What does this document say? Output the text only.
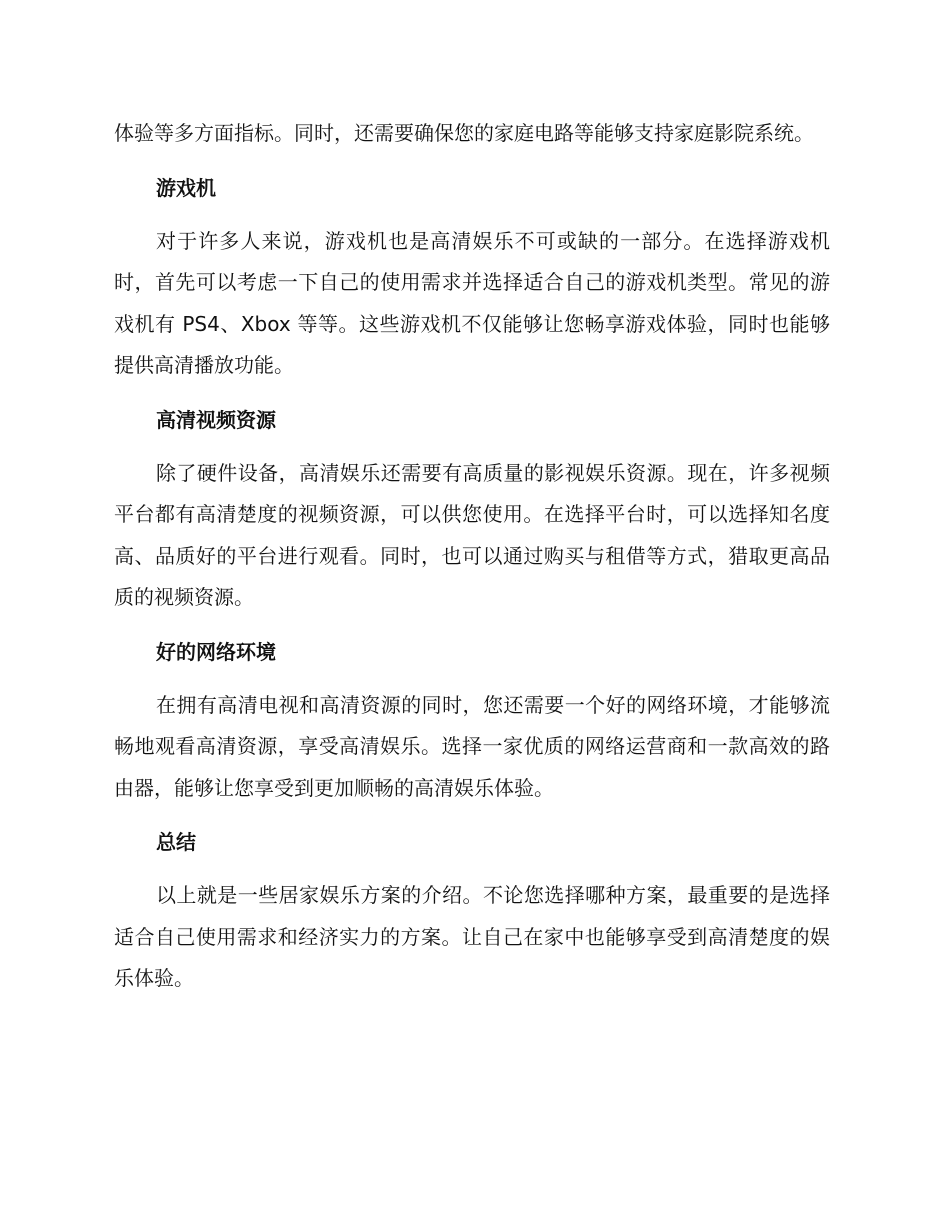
体验等多方面指标。同时，还需要确保您的家庭电路等能够支持家庭影院系统。

游戏机

对于许多人来说，游戏机也是高清娱乐不可或缺的一部分。在选择游戏机时，首先可以考虑一下自己的使用需求并选择适合自己的游戏机类型。常见的游戏机有 PS4、Xbox 等等。这些游戏机不仅能够让您畅享游戏体验，同时也能够提供高清播放功能。

高清视频资源

除了硬件设备，高清娱乐还需要有高质量的影视娱乐资源。现在，许多视频平台都有高清楚度的视频资源，可以供您使用。在选择平台时，可以选择知名度高、品质好的平台进行观看。同时，也可以通过购买与租借等方式，猎取更高品质的视频资源。

好的网络环境

在拥有高清电视和高清资源的同时，您还需要一个好的网络环境，才能够流畅地观看高清资源，享受高清娱乐。选择一家优质的网络运营商和一款高效的路由器，能够让您享受到更加顺畅的高清娱乐体验。

总结

以上就是一些居家娱乐方案的介绍。不论您选择哪种方案，最重要的是选择适合自己使用需求和经济实力的方案。让自己在家中也能够享受到高清楚度的娱乐体验。
